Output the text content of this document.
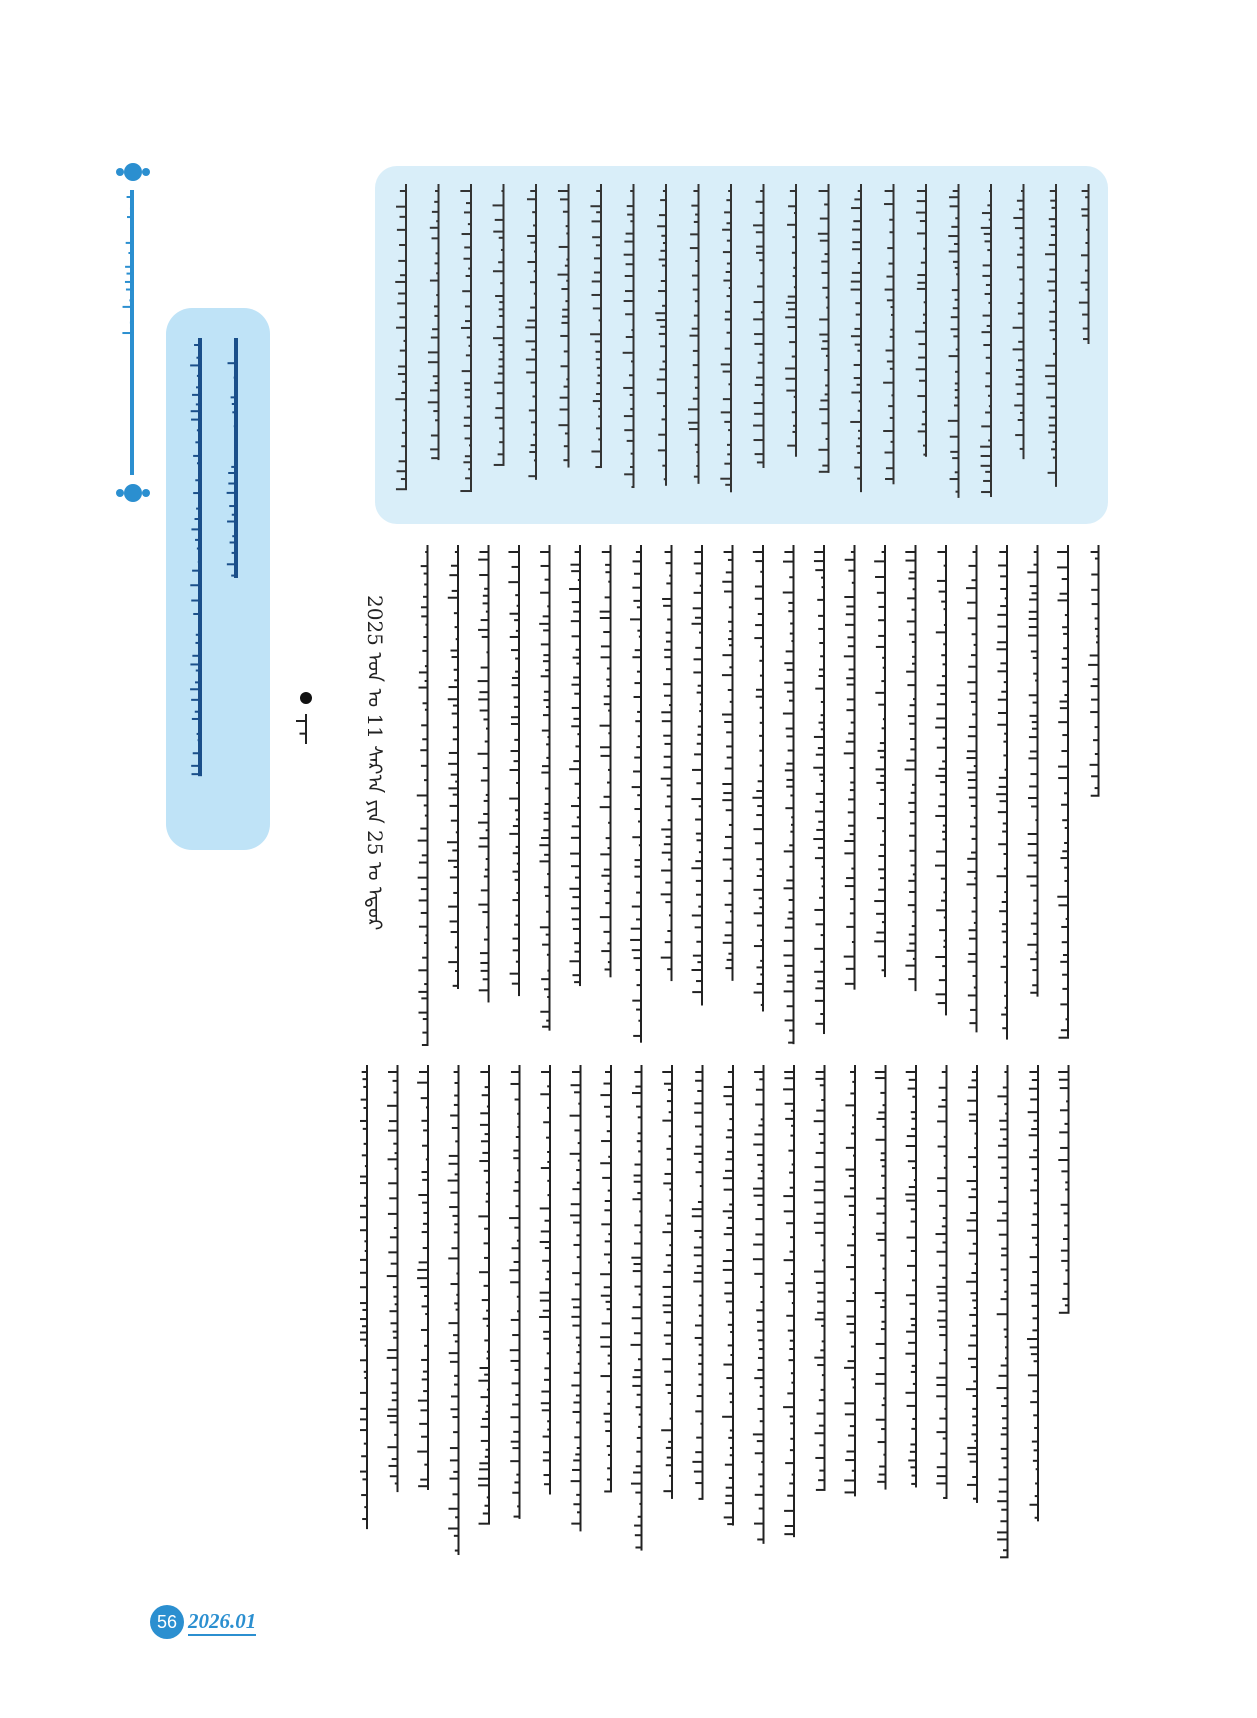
2025 ᠣᠨ ᠤ 11 ᠰᠠᠷ᠎ᠠ ᠶᠢᠨ 25 ᠤ ᠡᠳᠦᠷ
56 2026.01
